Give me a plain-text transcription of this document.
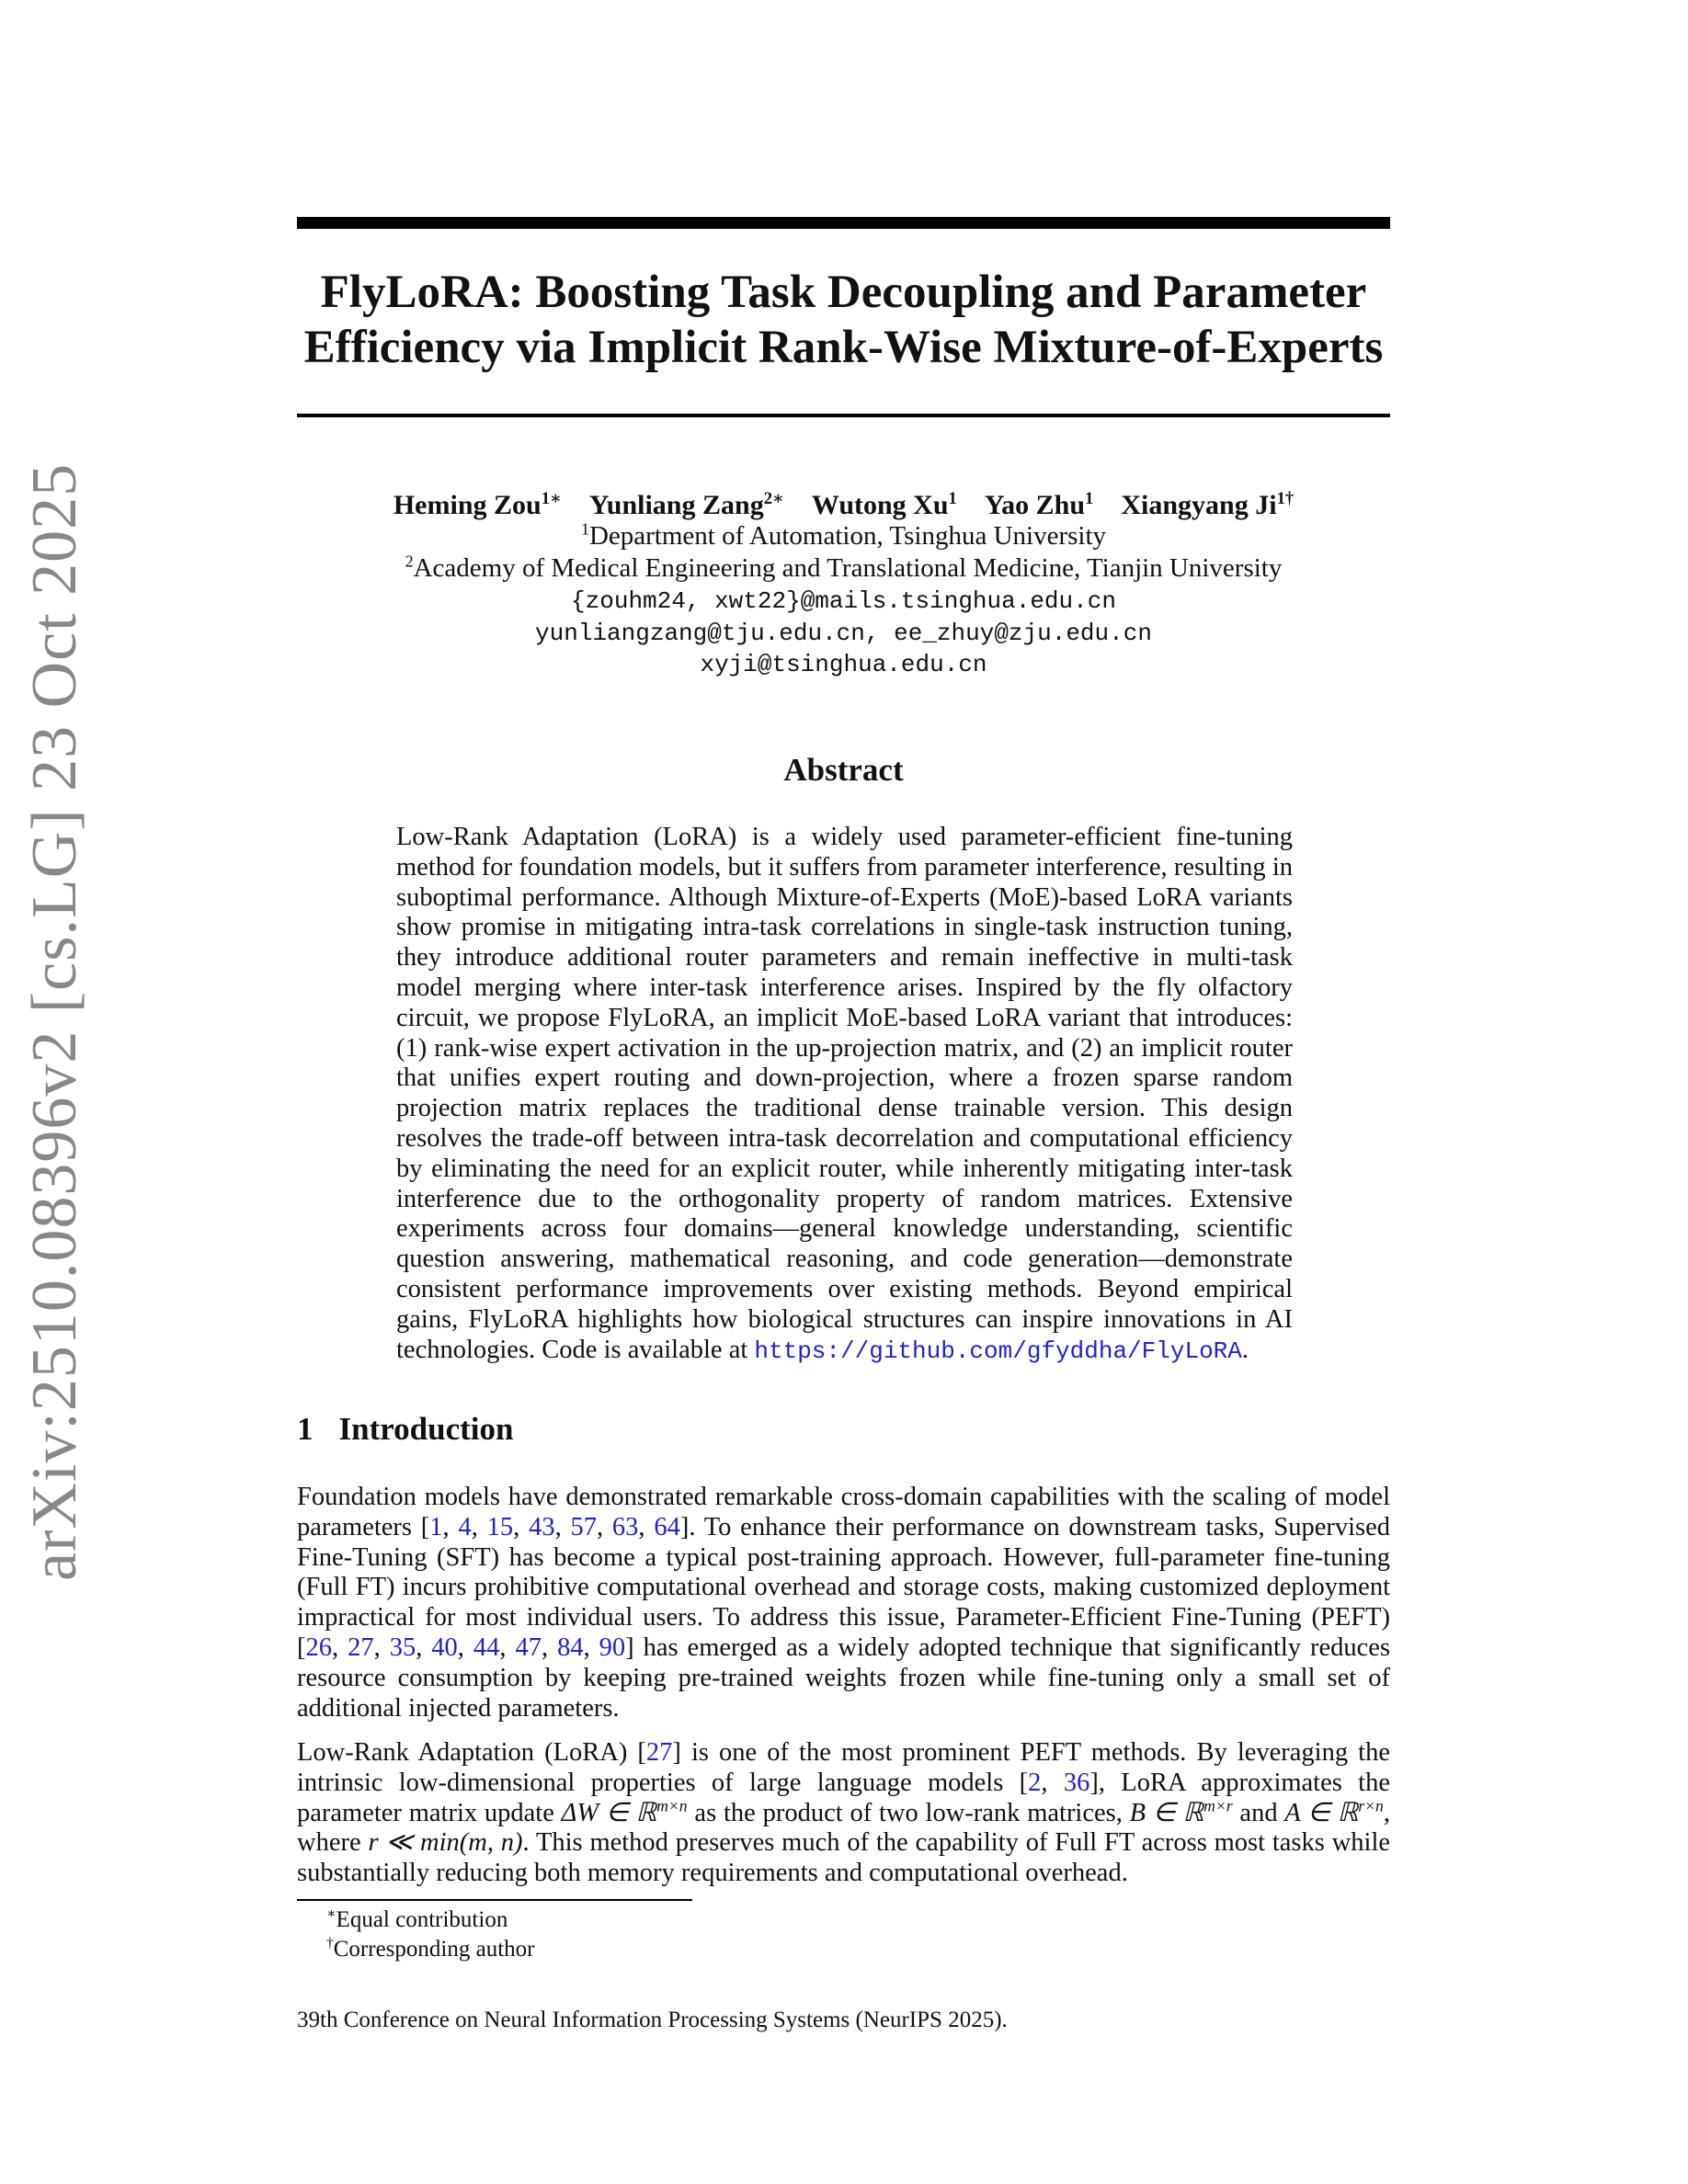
arXiv:2510.08396v2 [cs.LG] 23 Oct 2025
FlyLoRA: Boosting Task Decoupling and Parameter
Efficiency via Implicit Rank-Wise Mixture-of-Experts
Heming Zou$^{1∗}$ Yunliang Zang$^{2∗}$ Wutong Xu$^1$ Yao Zhu$^1$ Xiangyang $Ji^{1\dagger}$
$^1$Department of Automation, Tsinghua University
$^2$Academy of Medical Engineering and Translational Medicine, Tianjin University
{zouhm24, xwt22}@mails.tsinghua.edu.cn
yunliangzang@tju.edu.cn, ee_zhuy@zju.edu.cn
xyji@tsinghua.edu.cn
Abstract
Low-Rank Adaptation (LoRA) is a widely used parameter-efficient fine-tuning method for foundation models, but it suffers from parameter interference, resulting in suboptimal performance. Although Mixture-of-Experts (MoE)-based LoRA variants show promise in mitigating intra-task correlations in single-task instruction tuning, they introduce additional router parameters and remain ineffective in multi-task model merging where inter-task interference arises. Inspired by the fly olfactory circuit, we propose FlyLoRA, an implicit MoE-based LoRA variant that introduces: (1) rank-wise expert activation in the up-projection matrix, and (2) an implicit router that unifies expert routing and down-projection, where a frozen sparse random projection matrix replaces the traditional dense trainable version. This design resolves the trade-off between intra-task decorrelation and computational efficiency by eliminating the need for an explicit router, while inherently mitigating inter-task interference due to the orthogonality property of random matrices. Extensive experiments across four domains—general knowledge understanding, scientific question answering, mathematical reasoning, and code generation—demonstrate consistent performance improvements over existing methods. Beyond empirical gains, FlyLoRA highlights how biological structures can inspire innovations in AI technologies. Code is available at https://github.com/gfyddha/FlyLoRA.
1 Introduction
Foundation models have demonstrated remarkable cross-domain capabilities with the scaling of model parameters [1, 4, 15, 43, 57, 63, 64]. To enhance their performance on downstream tasks, Supervised Fine-Tuning (SFT) has become a typical post-training approach. However, full-parameter fine-tuning (Full FT) incurs prohibitive computational overhead and storage costs, making customized deployment impractical for most individual users. To address this issue, Parameter-Efficient Fine-Tuning (PEFT) [26, 27, 35, 40, 44, 47, 84, 90] has emerged as a widely adopted technique that significantly reduces resource consumption by keeping pre-trained weights frozen while fine-tuning only a small set of additional injected parameters.
Low-Rank Adaptation (LoRA) [27] is one of the most prominent PEFT methods. By leveraging the intrinsic low-dimensional properties of large language models [2, 36], LoRA approximates the parameter matrix update ΔW ∈ ℝ$^{m\times n}$ as the product of two low-rank matrices, B ∈ ℝ$^{m\times r}$ and A ∈ ℝ$^{r\times n}$, where r ≪ min(m, n). This method preserves much of the capability of Full FT across most tasks while substantially reducing both memory requirements and computational overhead.
∗Equal contribution
†Corresponding author
39th Conference on Neural Information Processing Systems (NeurIPS 2025).
